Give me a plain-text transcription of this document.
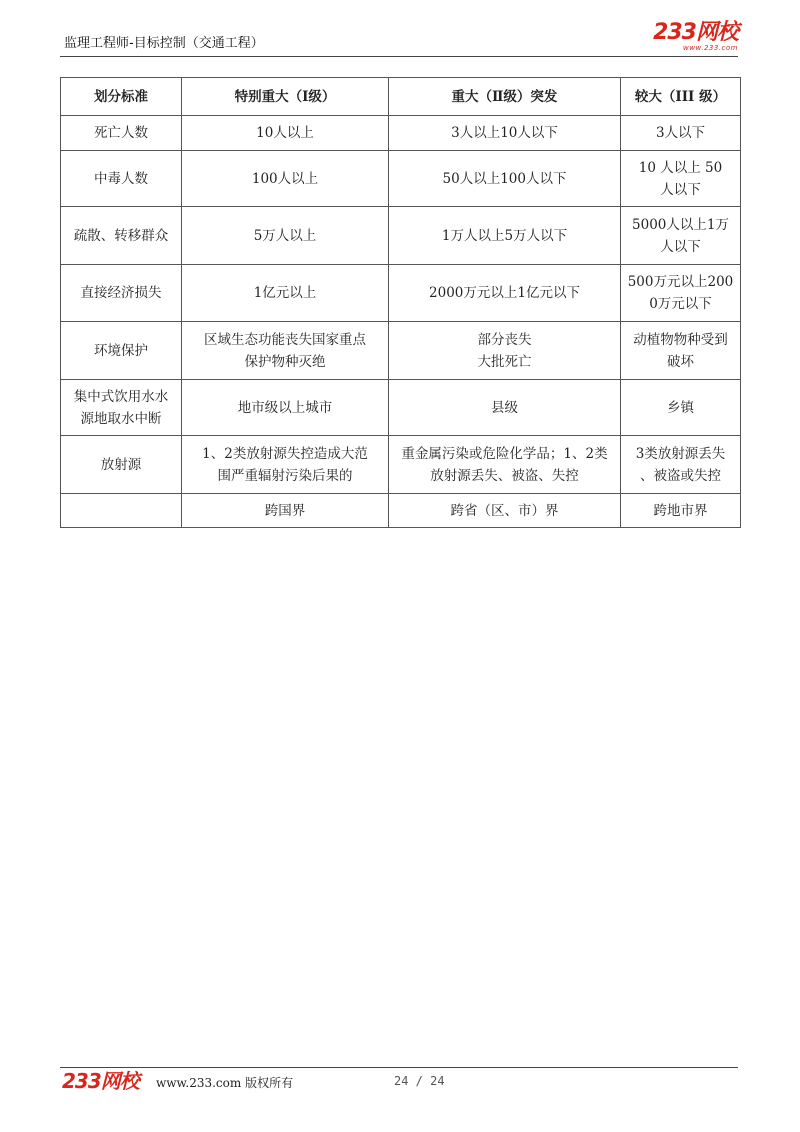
监理工程师-目标控制（交通工程）	233网校
www.233.com
划分标准	特别重大（I级）	重大（Ⅱ级）突发	较大（III 级）

死亡人数	10人以上	3人以上10人以下	3人以下

中毒人数	100人以上	50人以上100人以下	10 人以上 50
人以下

疏散、转移群众	5万人以上	1万人以上5万人以下	5000人以上1万
人以下

直接经济损失	1亿元以上	2000万元以上1亿元以下	500万元以上200
0万元以下

环境保护	区域生态功能丧失国家重点
保护物种灭绝	部分丧失
大批死亡	动植物物种受到
破坏

集中式饮用水水
源地取水中断	地市级以上城市	县级	乡镇

放射源	1、2类放射源失控造成大范
围严重辐射污染后果的	重金属污染或危险化学品；1、2类
放射源丢失、被盗、失控	3类放射源丢失
、被盗或失控

	跨国界	跨省（区、市）界	跨地市界
233网校 www.233.com 版权所有	24 / 24
